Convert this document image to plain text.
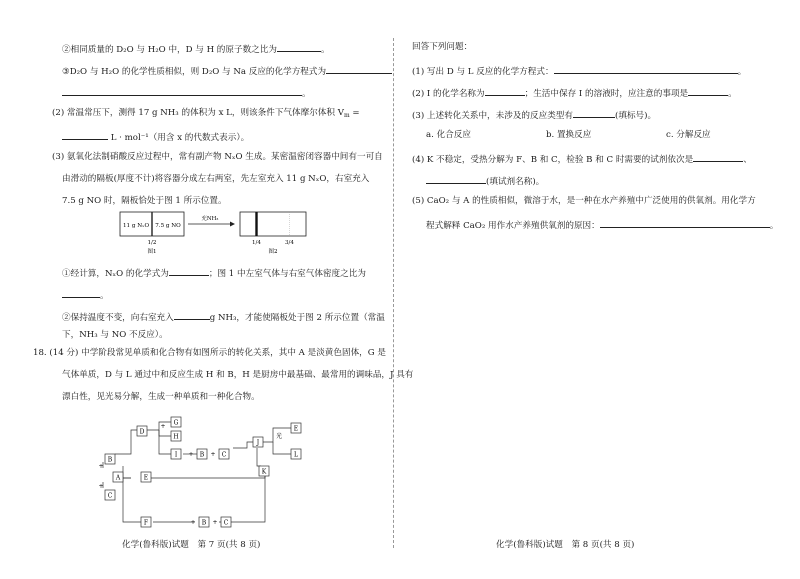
②相同质量的 D₂O 与 H₂O 中，D 与 H 的原子数之比为	。
③D₂O 与 H₂O 的化学性质相似，则 D₂O 与 Na 反应的化学方程式为
。
(2) 常温常压下，测得 17 g NH₃ 的体积为 x L，则该条件下气体摩尔体积 $V_m$ =
L · mol⁻¹（用含 x 的代数式表示）。
(3) 氨氧化法制硝酸反应过程中，常有副产物 NₓO 生成。某密温密闭容器中间有一可自
由滑动的隔板(厚度不计)将容器分成左右两室，先左室充入 11 g NₓO，右室充入
7.5 g NO 时，隔板恰处于图 1 所示位置。
11 g NₓO 7.5 g NO
1/2
图1
充NH₃
1/4	3/4
图2
①经计算，NₓO 的化学式为	；图 1 中左室气体与右室气体密度之比为
。
②保持温度不变，向右室充入	g NH₃，才能使隔板处于图 2 所示位置（常温
下，NH₃ 与 NO 不反应）。
18. (14 分) 中学阶段常见单质和化合物有如图所示的转化关系，其中 A 是淡黄色固体，G 是
气体单质，D 与 L 通过中和反应生成 H 和 B，H 是厨房中最基础、最常用的调味品，J 具有
漂白性，见光易分解，生成一种单质和一种化合物。
B
A
C
D
G
H
I	B	C
J
E
L
K
E
F	B	C
+
+
+
+
+
+
+
光
化学(鲁科版)试题　第 7 页(共 8 页)
回答下列问题：
(1) 写出 D 与 L 反应的化学方程式：	。
(2) I 的化学名称为	；生活中保存 I 的溶液时，应注意的事项是	。
(3) 上述转化关系中，未涉及的反应类型有	(填标号)。
a. 化合反应	b. 置换反应	c. 分解反应
(4) K 不稳定，受热分解为 F、B 和 C，检验 B 和 C 时需要的试剂依次是	、
(填试剂名称)。
(5) CaO₂ 与 A 的性质相似，微溶于水，是一种在水产养殖中广泛使用的供氧剂。用化学方
程式解释 CaO₂ 用作水产养殖供氧剂的原因：	。
化学(鲁科版)试题　第 8 页(共 8 页)
